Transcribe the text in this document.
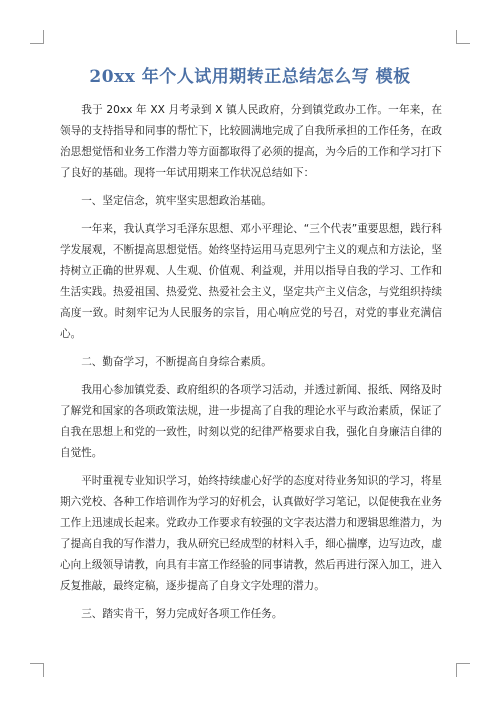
20xx 年个人试用期转正总结怎么写 模板

我于 20xx 年 XX 月考录到 X 镇人民政府，分到镇党政办工作。一年来，在领导的支持指导和同事的帮忙下，比较圆满地完成了自我所承担的工作任务，在政治思想觉悟和业务工作潜力等方面都取得了必须的提高，为今后的工作和学习打下了良好的基础。现将一年试用期来工作状况总结如下：

一、坚定信念，筑牢坚实思想政治基础。

一年来，我认真学习毛泽东思想、邓小平理论、“三个代表”重要思想，践行科学发展观，不断提高思想觉悟。始终坚持运用马克思列宁主义的观点和方法论，坚持树立正确的世界观、人生观、价值观、利益观，并用以指导自我的学习、工作和生活实践。热爱祖国、热爱党、热爱社会主义，坚定共产主义信念，与党组织持续高度一致。时刻牢记为人民服务的宗旨，用心响应党的号召，对党的事业充满信心。

二、勤奋学习，不断提高自身综合素质。

我用心参加镇党委、政府组织的各项学习活动，并透过新闻、报纸、网络及时了解党和国家的各项政策法规，进一步提高了自我的理论水平与政治素质，保证了自我在思想上和党的一致性，时刻以党的纪律严格要求自我，强化自身廉洁自律的自觉性。

平时重视专业知识学习，始终持续虚心好学的态度对待业务知识的学习，将星期六党校、各种工作培训作为学习的好机会，认真做好学习笔记，以促使我在业务工作上迅速成长起来。党政办工作要求有较强的文字表达潜力和逻辑思维潜力，为了提高自我的写作潜力，我从研究已经成型的材料入手，细心揣摩，边写边改，虚心向上级领导请教，向具有丰富工作经验的同事请教，然后再进行深入加工，进入反复推敲，最终定稿，逐步提高了自身文字处理的潜力。

三、踏实肯干，努力完成好各项工作任务。
